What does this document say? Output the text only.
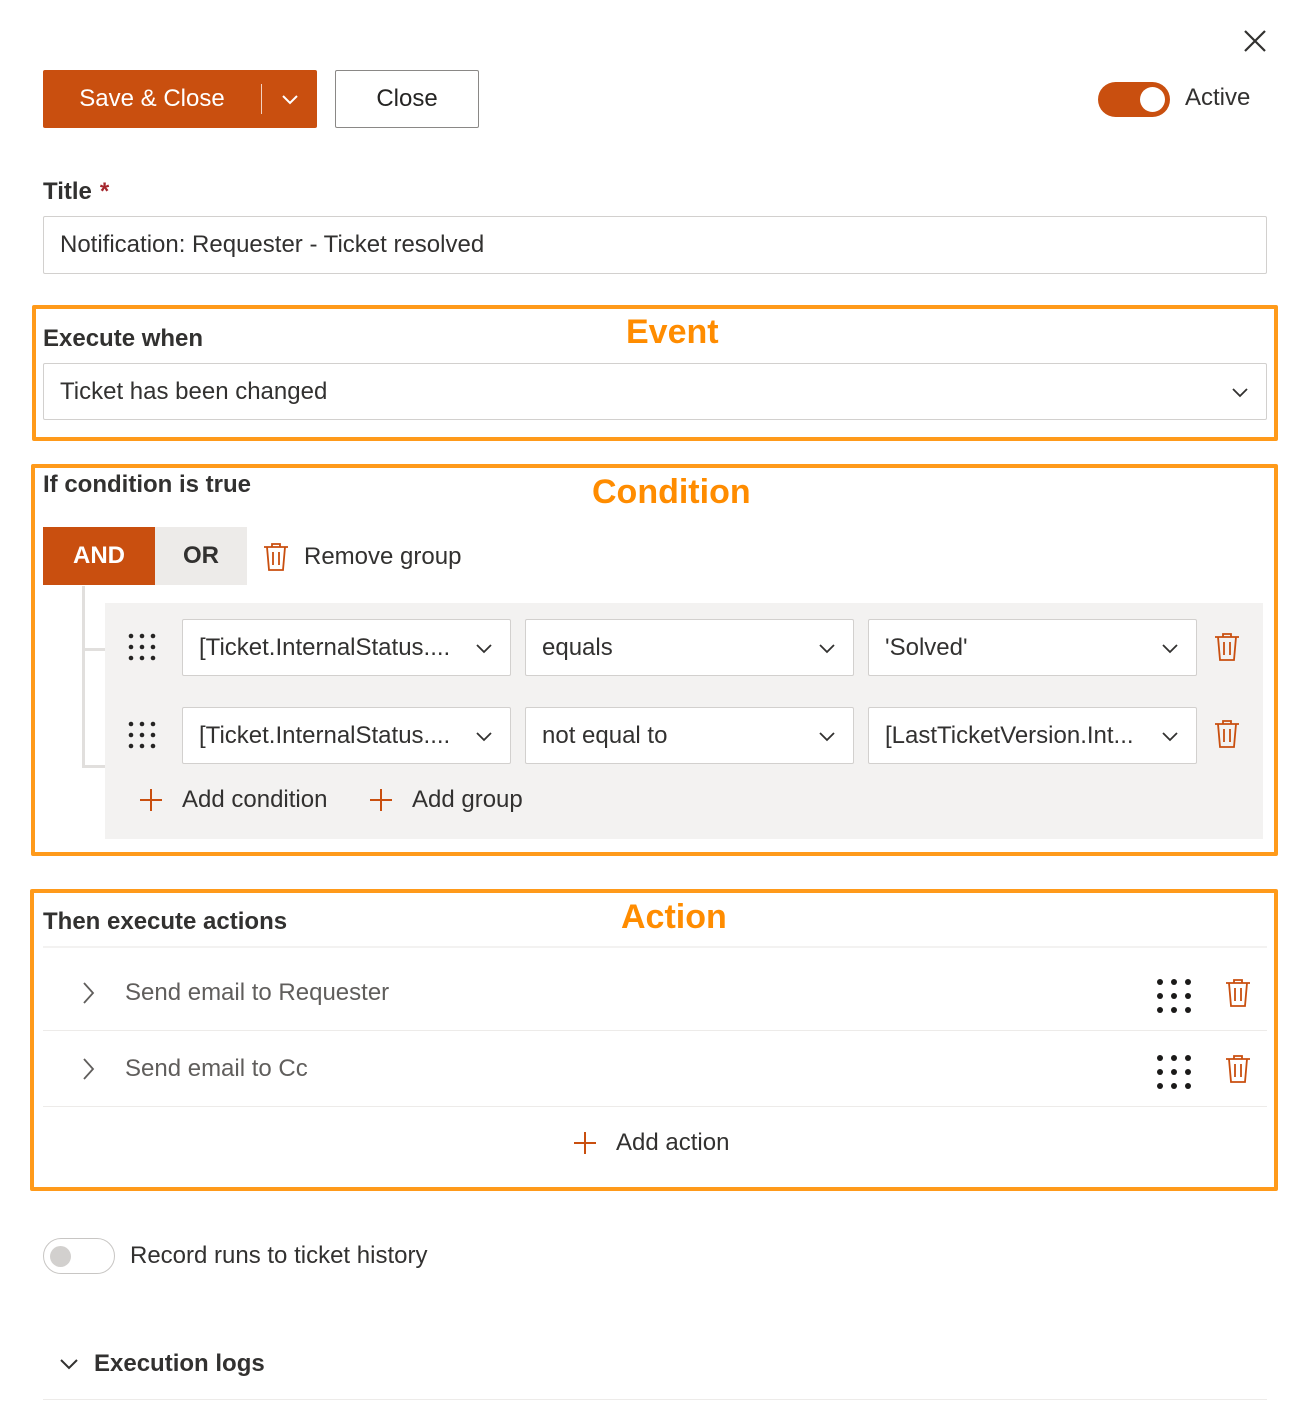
Save & Close	Close	Active
Title *
Notification: Requester - Ticket resolved
Event
Execute when
Ticket has been changed
Condition
If condition is true
AND	OR	Remove group
[Ticket.InternalStatus....	equals	'Solved'
[Ticket.InternalStatus....	not equal to	[LastTicketVersion.Int...
Add condition	Add group
Action
Then execute actions
Send email to Requester
Send email to Cc
Add action
Record runs to ticket history
Execution logs
